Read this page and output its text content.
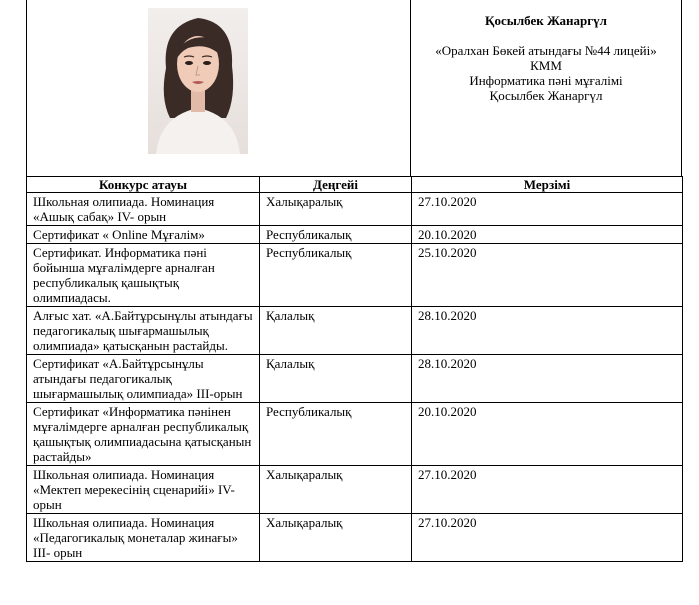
Қосылбек Жанаргүл
«Оралхан Бөкей атындағы №44 лицейі»
КММ
Информатика пәні мұғалімі
Қосылбек Жанаргүл
Конкурс атауы	Деңгейі	Мерзімі
Школьная олипиада. Номинация «Ашық сабақ» IV- орын	Халықаралық	27.10.2020
Сертификат « Online Мұғалім»	Республикалық	20.10.2020
Сертификат. Информатика пәні бойынша мұғалімдерге арналған республикалық қашықтық олимпиадасы.	Республикалық	25.10.2020
Алғыс хат. «А.Байтұрсынұлы атындағы педагогикалық шығармашылық олимпиада» қатысқанын растайды.	Қалалық	28.10.2020
Сертификат «А.Байтұрсынұлы атындағы педагогикалық шығармашылық олимпиада» III-орын	Қалалық	28.10.2020
Сертификат «Информатика пәнінен мұғалімдерге арналған республикалық қашықтық олимпиадасына қатысқанын растайды»	Республикалық	20.10.2020
Школьная олипиада. Номинация «Мектеп мерекесінің сценарийі» IV- орын	Халықаралық	27.10.2020
Школьная олипиада. Номинация «Педагогикалық монеталар жинағы» III- орын	Халықаралық	27.10.2020
